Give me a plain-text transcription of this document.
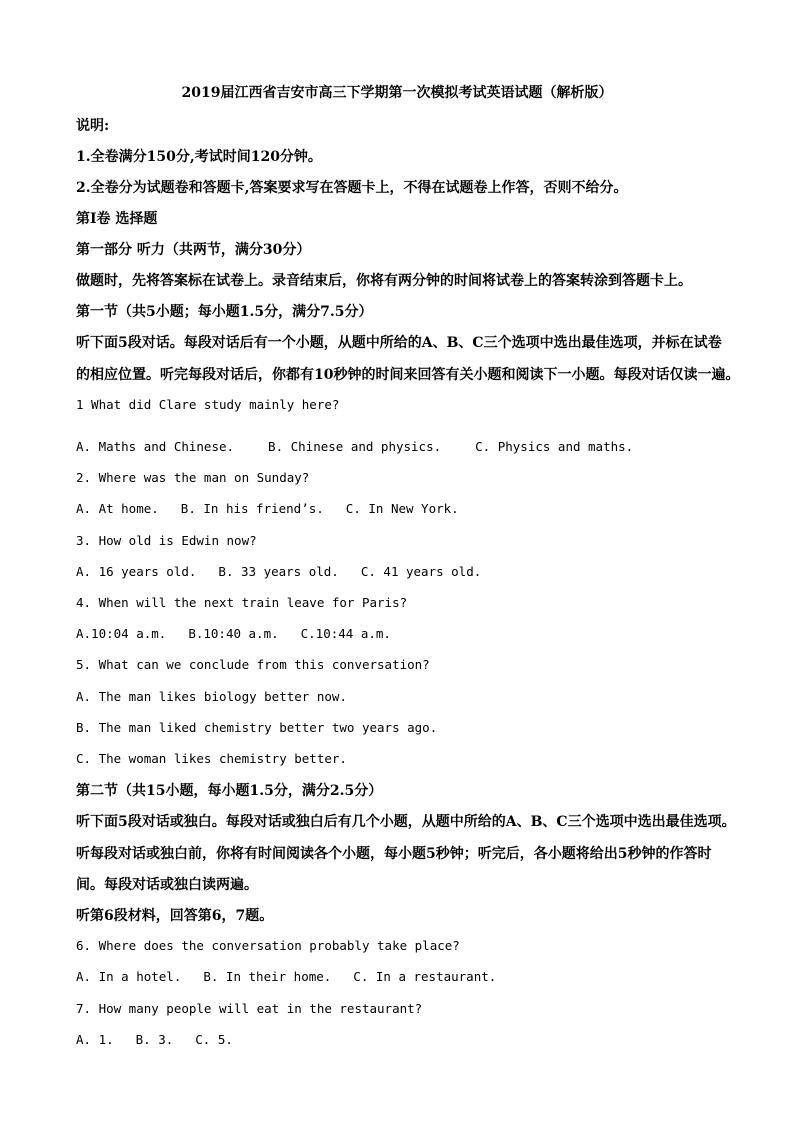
2019届江西省吉安市高三下学期第一次模拟考试英语试题（解析版）
说明:
1.全卷满分150分,考试时间120分钟。
2.全卷分为试题卷和答题卡,答案要求写在答题卡上，不得在试题卷上作答，否则不给分。
第Ⅰ卷 选择题
第一部分 听力（共两节，满分30分）
做题时，先将答案标在试卷上。录音结束后，你将有两分钟的时间将试卷上的答案转涂到答题卡上。
第一节（共5小题；每小题1.5分，满分7.5分）
听下面5段对话。每段对话后有一个小题，从题中所给的A、B、C三个选项中选出最佳选项，并标在试卷
的相应位置。听完每段对话后，你都有10秒钟的时间来回答有关小题和阅读下一小题。每段对话仅读一遍。
1 What did Clare study mainly here?
A. Maths and Chinese.	B. Chinese and physics.	C. Physics and maths.
2. Where was the man on Sunday?
A. At home. B. In his friend’s. C. In New York.
3. How old is Edwin now?
A. 16 years old. B. 33 years old. C. 41 years old.
4. When will the next train leave for Paris?
A.10:04 a.m. B.10:40 a.m. C.10:44 a.m.
5. What can we conclude from this conversation?
A. The man likes biology better now.
B. The man liked chemistry better two years ago.
C. The woman likes chemistry better.
第二节（共15小题，每小题1.5分，满分2.5分）
听下面5段对话或独白。每段对话或独白后有几个小题，从题中所给的A、B、C三个选项中选出最佳选项。
听每段对话或独白前，你将有时间阅读各个小题，每小题5秒钟；听完后，各小题将给出5秒钟的作答时
间。每段对话或独白读两遍。
听第6段材料，回答第6，7题。
6. Where does the conversation probably take place?
A. In a hotel. B. In their home. C. In a restaurant.
7. How many people will eat in the restaurant?
A. 1. B. 3. C. 5.
